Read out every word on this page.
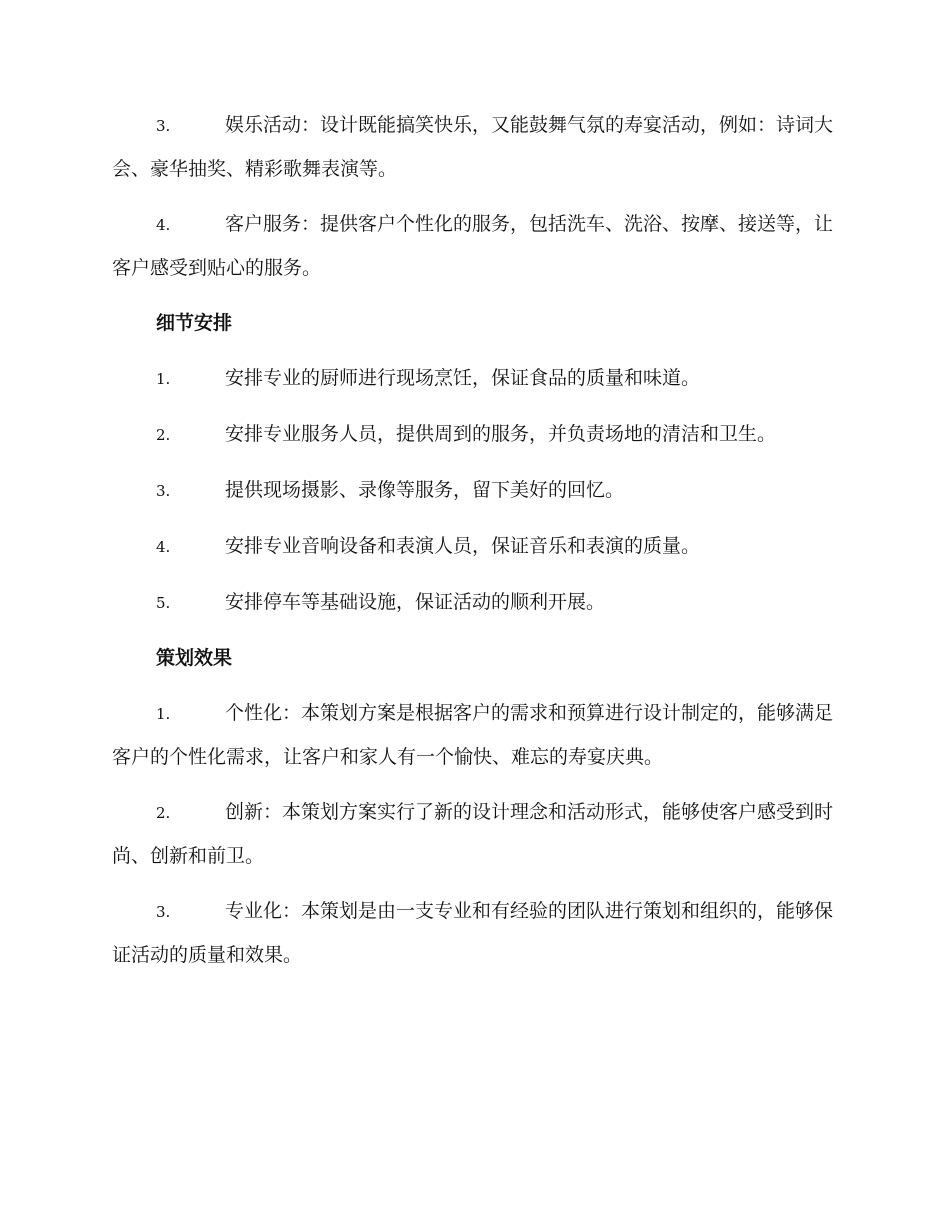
3.	娱乐活动：设计既能搞笑快乐，又能鼓舞气氛的寿宴活动，例如：诗词大会、豪华抽奖、精彩歌舞表演等。

4.	客户服务：提供客户个性化的服务，包括洗车、洗浴、按摩、接送等，让客户感受到贴心的服务。

细节安排

1.	安排专业的厨师进行现场烹饪，保证食品的质量和味道。

2.	安排专业服务人员，提供周到的服务，并负责场地的清洁和卫生。

3.	提供现场摄影、录像等服务，留下美好的回忆。

4.	安排专业音响设备和表演人员，保证音乐和表演的质量。

5.	安排停车等基础设施，保证活动的顺利开展。

策划效果

1.	个性化：本策划方案是根据客户的需求和预算进行设计制定的，能够满足客户的个性化需求，让客户和家人有一个愉快、难忘的寿宴庆典。

2.	创新：本策划方案实行了新的设计理念和活动形式，能够使客户感受到时尚、创新和前卫。

3.	专业化：本策划是由一支专业和有经验的团队进行策划和组织的，能够保证活动的质量和效果。
